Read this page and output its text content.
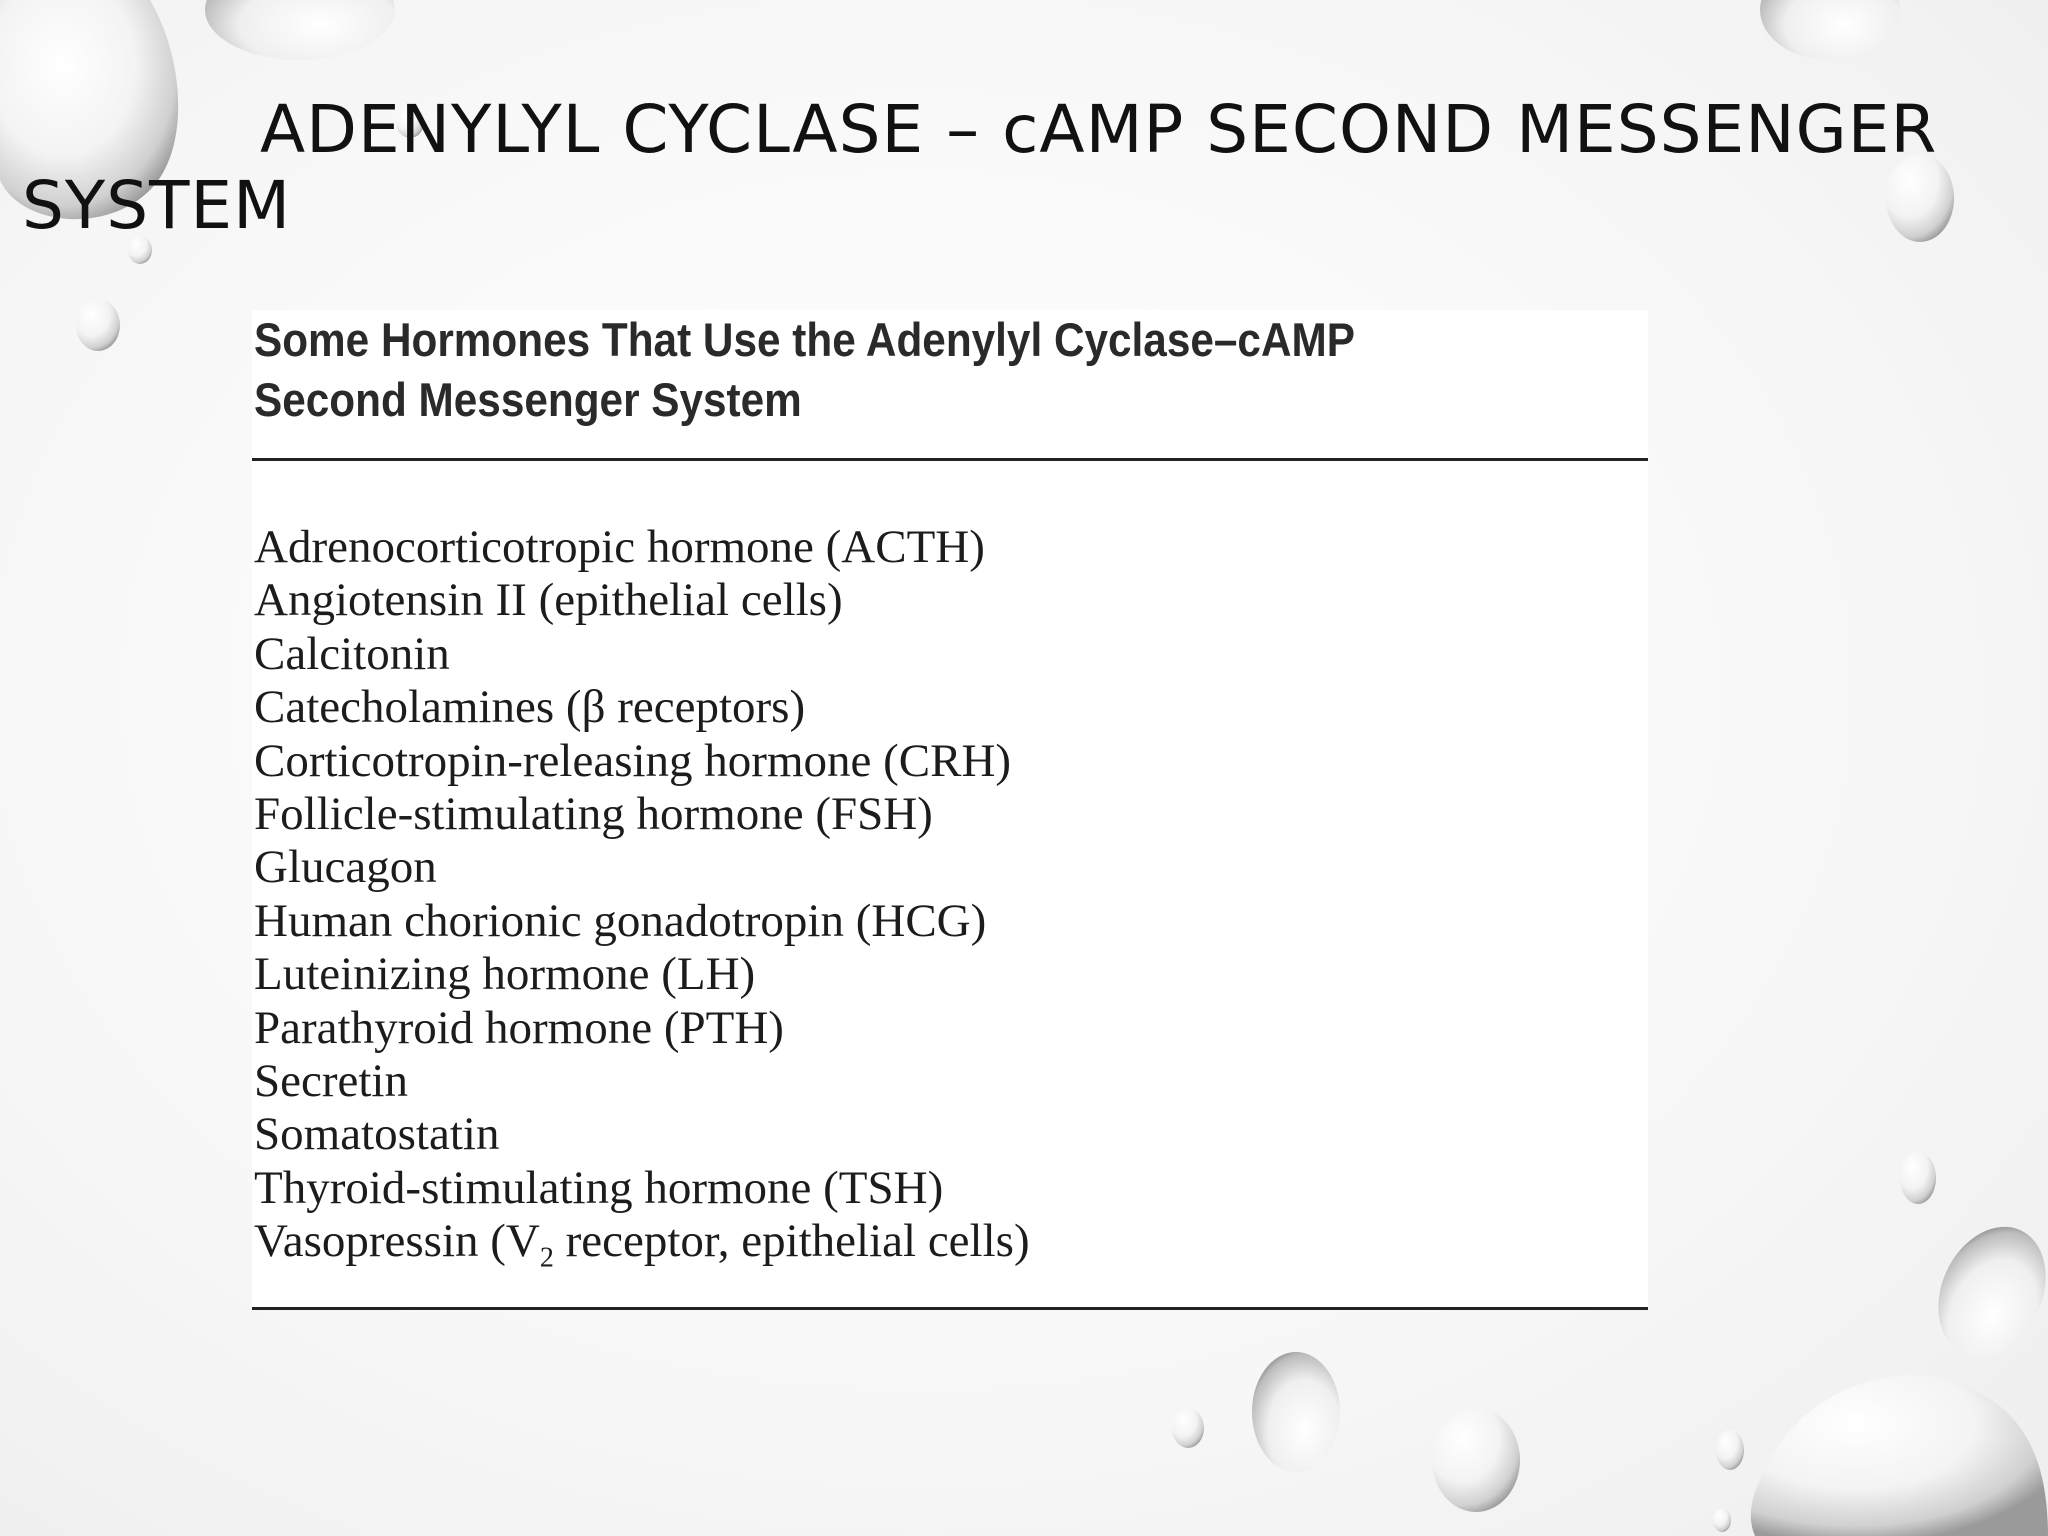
ADENYLYL CYCLASE – cAMP SECOND MESSENGER SYSTEM
Some Hormones That Use the Adenylyl Cyclase–cAMP
Second Messenger System
Adrenocorticotropic hormone (ACTH)
Angiotensin II (epithelial cells)
Calcitonin
Catecholamines (β receptors)
Corticotropin-releasing hormone (CRH)
Follicle-stimulating hormone (FSH)
Glucagon
Human chorionic gonadotropin (HCG)
Luteinizing hormone (LH)
Parathyroid hormone (PTH)
Secretin
Somatostatin
Thyroid-stimulating hormone (TSH)
Vasopressin ($V_2$ receptor, epithelial cells)
